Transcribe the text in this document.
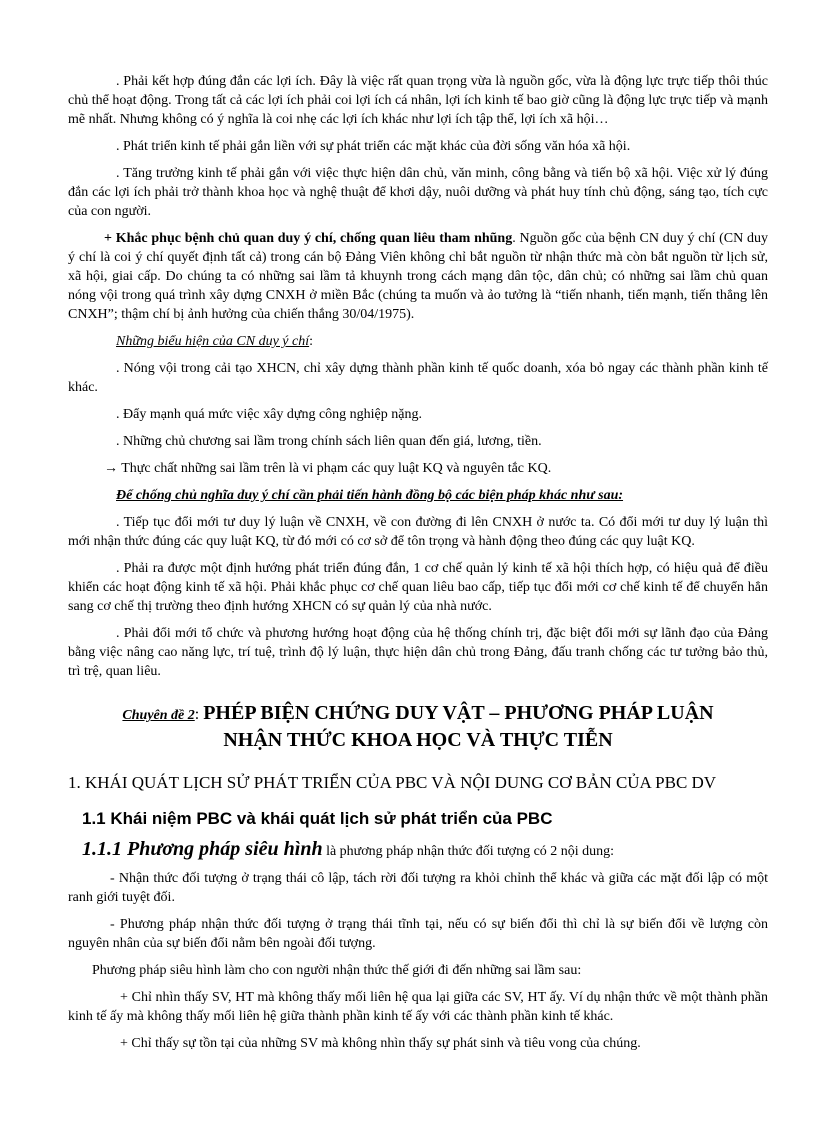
. Phải kết hợp đúng đắn các lợi ích. Đây là việc rất quan trọng vừa là nguồn gốc, vừa là động lực trực tiếp thôi thúc chủ thể hoạt động. Trong tất cả các lợi ích phải coi lợi ích cá nhân, lợi ích kinh tế bao giờ cũng là động lực trực tiếp và mạnh mẽ nhất. Nhưng không có ý nghĩa là coi nhẹ các lợi ích khác như lợi ích tập thể, lợi ích xã hội…

. Phát triển kinh tế phải gắn liền với sự phát triển các mặt khác của đời sống văn hóa xã hội.

. Tăng trưởng kinh tế phải gắn với việc thực hiện dân chủ, văn minh, công bằng và tiến bộ xã hội. Việc xử lý đúng đắn các lợi ích phải trở thành khoa học và nghệ thuật để khơi dậy, nuôi dưỡng và phát huy tính chủ động, sáng tạo, tích cực của con người.

+ Khắc phục bệnh chủ quan duy ý chí, chống quan liêu tham nhũng. Nguồn gốc của bệnh CN duy ý chí (CN duy ý chí là coi ý chí quyết định tất cả) trong cán bộ Đảng Viên không chỉ bắt nguồn từ nhận thức mà còn bắt nguồn từ lịch sử, xã hội, giai cấp. Do chúng ta có những sai lầm tả khuynh trong cách mạng dân tộc, dân chủ; có những sai lầm chủ quan nóng vội trong quá trình xây dựng CNXH ở miền Bắc (chúng ta muốn và ảo tưởng là “tiến nhanh, tiến mạnh, tiến thẳng lên CNXH”; thậm chí bị ảnh hưởng của chiến thắng 30/04/1975).

Những biểu hiện của CN duy ý chí:

. Nóng vội trong cải tạo XHCN, chỉ xây dựng thành phần kinh tế quốc doanh, xóa bỏ ngay các thành phần kinh tế khác.

. Đẩy mạnh quá mức việc xây dựng công nghiệp nặng.

. Những chủ chương sai lầm trong chính sách liên quan đến giá, lương, tiền.

→ Thực chất những sai lầm trên là vi phạm các quy luật KQ và nguyên tắc KQ.

Để chống chủ nghĩa duy ý chí cần phải tiến hành đồng bộ các biện pháp khác như sau:

. Tiếp tục đổi mới tư duy lý luận về CNXH, về con đường đi lên CNXH ở nước ta. Có đổi mới tư duy lý luận thì mới nhận thức đúng các quy luật KQ, từ đó mới có cơ sở để tôn trọng và hành động theo đúng các quy luật KQ.

. Phải ra được một định hướng phát triển đúng đắn, 1 cơ chế quản lý kinh tế xã hội thích hợp, có hiệu quả để điều khiển các hoạt động kinh tế xã hội. Phải khắc phục cơ chế quan liêu bao cấp, tiếp tục đổi mới cơ chế kinh tế để chuyển hẳn sang cơ chế thị trường theo định hướng XHCN có sự quản lý của nhà nước.

. Phải đổi mới tổ chức và phương hướng hoạt động của hệ thống chính trị, đặc biệt đổi mới sự lãnh đạo của Đảng bằng việc nâng cao năng lực, trí tuệ, trình độ lý luận, thực hiện dân chủ trong Đảng, đấu tranh chống các tư tưởng bảo thủ, trì trệ, quan liêu.

Chuyên đề 2: PHÉP BIỆN CHỨNG DUY VẬT – PHƯƠNG PHÁP LUẬN
NHẬN THỨC KHOA HỌC VÀ THỰC TIỄN

1. KHÁI QUÁT LỊCH SỬ PHÁT TRIỂN CỦA PBC VÀ NỘI DUNG CƠ BẢN CỦA PBC DV

1.1 Khái niệm PBC và khái quát lịch sử phát triển của PBC

1.1.1 Phương pháp siêu hình là phương pháp nhận thức đối tượng có 2 nội dung:

- Nhận thức đối tượng ở trạng thái cô lập, tách rời đối tượng ra khỏi chỉnh thể khác và giữa các mặt đối lập có một ranh giới tuyệt đối.

- Phương pháp nhận thức đối tượng ở trạng thái tĩnh tại, nếu có sự biến đổi thì chỉ là sự biến đổi về lượng còn nguyên nhân của sự biến đổi nằm bên ngoài đối tượng.

Phương pháp siêu hình làm cho con người nhận thức thế giới đi đến những sai lầm sau:

+ Chỉ nhìn thấy SV, HT mà không thấy mối liên hệ qua lại giữa các SV, HT ấy. Ví dụ nhận thức về một thành phần kinh tế ấy mà không thấy mối liên hệ giữa thành phần kinh tế ấy với các thành phần kinh tế khác.

+ Chỉ thấy sự tồn tại của những SV mà không nhìn thấy sự phát sinh và tiêu vong của chúng.
